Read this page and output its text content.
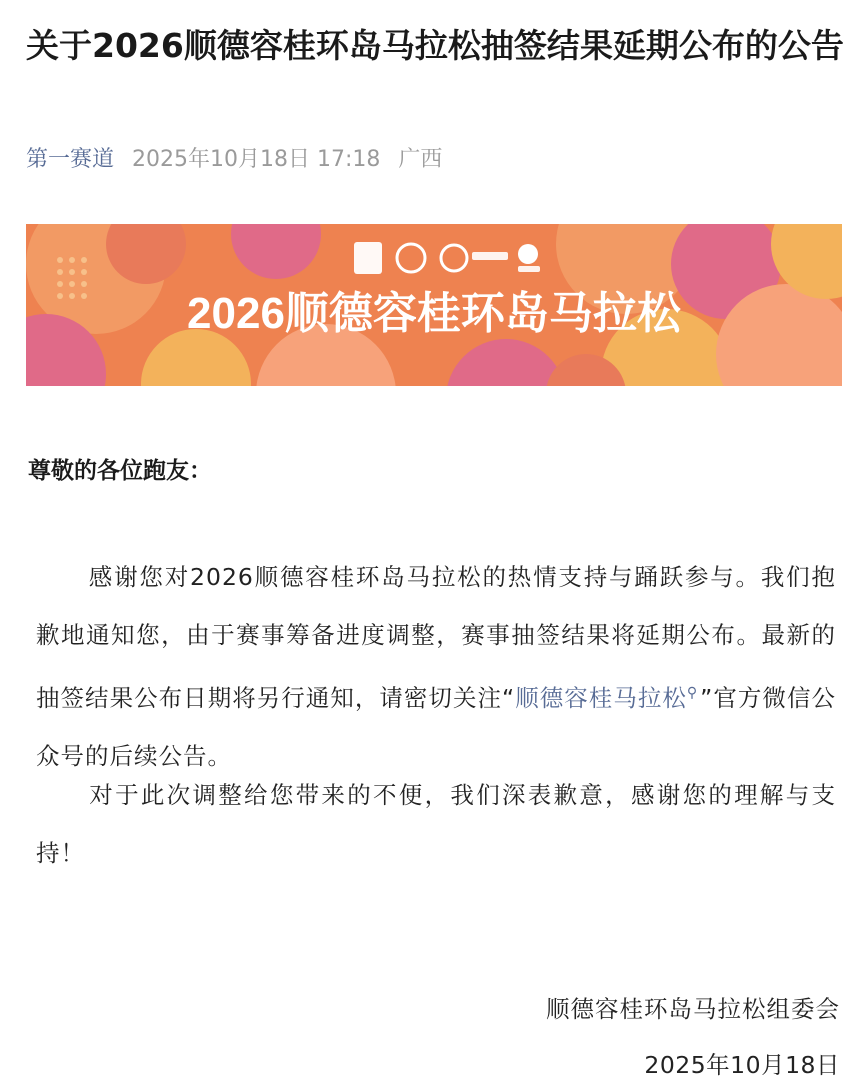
关于2026顺德容桂环岛马拉松抽签结果延期公布的公告
第一赛道 2025年10月18日 17:18 广西
2026顺德容桂环岛马拉松
尊敬的各位跑友：

感谢您对2026顺德容桂环岛马拉松的热情支持与踊跃参与。我们抱歉地通知您，由于赛事筹备进度调整，赛事抽签结果将延期公布。最新的抽签结果公布日期将另行通知，请密切关注“顺德容桂马拉松⚲”官方微信公众号的后续公告。

对于此次调整给您带来的不便，我们深表歉意，感谢您的理解与支持！

顺德容桂环岛马拉松组委会
2025年10月18日
